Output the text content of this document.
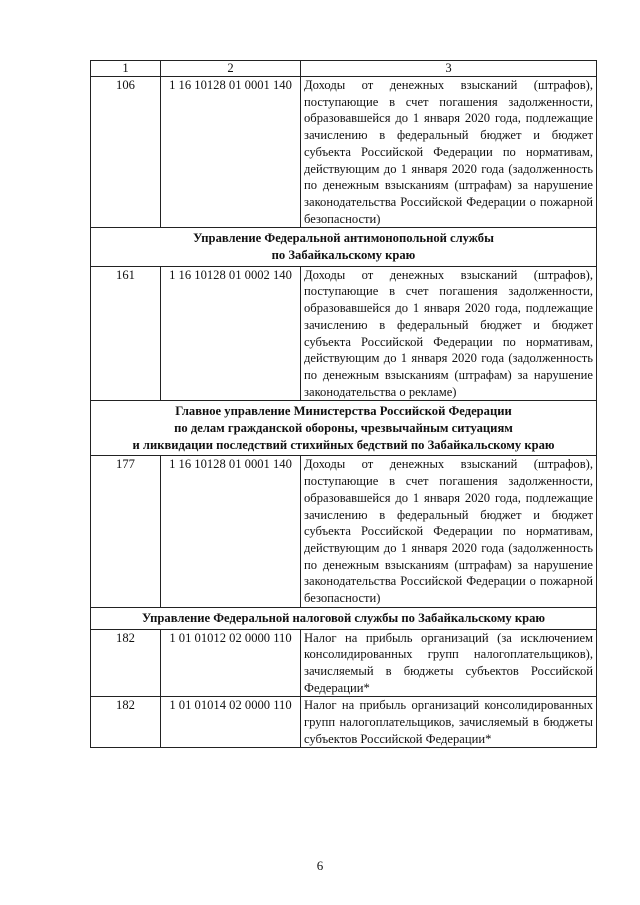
1	2	3
106	1 16 10128 01 0001 140	Доходы от денежных взысканий (штрафов), поступающие в счет погашения задолженности, образовавшейся до 1 января 2020 года, подлежащие зачислению в федеральный бюджет и бюджет субъекта Российской Федерации по нормативам, действующим до 1 января 2020 года (задолженность по денежным взысканиям (штрафам) за нарушение законодательства Российской Федерации о пожарной безопасности)

Управление Федеральной антимонопольной службы
по Забайкальскому краю		

161	1 16 10128 01 0002 140	Доходы от денежных взысканий (штрафов), поступающие в счет погашения задолженности, образовавшейся до 1 января 2020 года, подлежащие зачислению в федеральный бюджет и бюджет субъекта Российской Федерации по нормативам, действующим до 1 января 2020 года (задолженность по денежным взысканиям (штрафам) за нарушение законодательства о рекламе)

Главное управление Министерства Российской Федерации
по делам гражданской обороны, чрезвычайным ситуациям
и ликвидации последствий стихийных бедствий по Забайкальскому краю		

177	1 16 10128 01 0001 140	Доходы от денежных взысканий (штрафов), поступающие в счет погашения задолженности, образовавшейся до 1 января 2020 года, подлежащие зачислению в федеральный бюджет и бюджет субъекта Российской Федерации по нормативам, действующим до 1 января 2020 года (задолженность по денежным взысканиям (штрафам) за нарушение законодательства Российской Федерации о пожарной безопасности)

Управление Федеральной налоговой службы по Забайкальскому краю		

182	1 01 01012 02 0000 110	Налог на прибыль организаций (за исключением консолидированных групп налогоплательщиков), зачисляемый в бюджеты субъектов Российской Федерации*
182	1 01 01014 02 0000 110	Налог на прибыль организаций консолидированных групп налогоплательщиков, зачисляемый в бюджеты субъектов Российской Федерации*
6
